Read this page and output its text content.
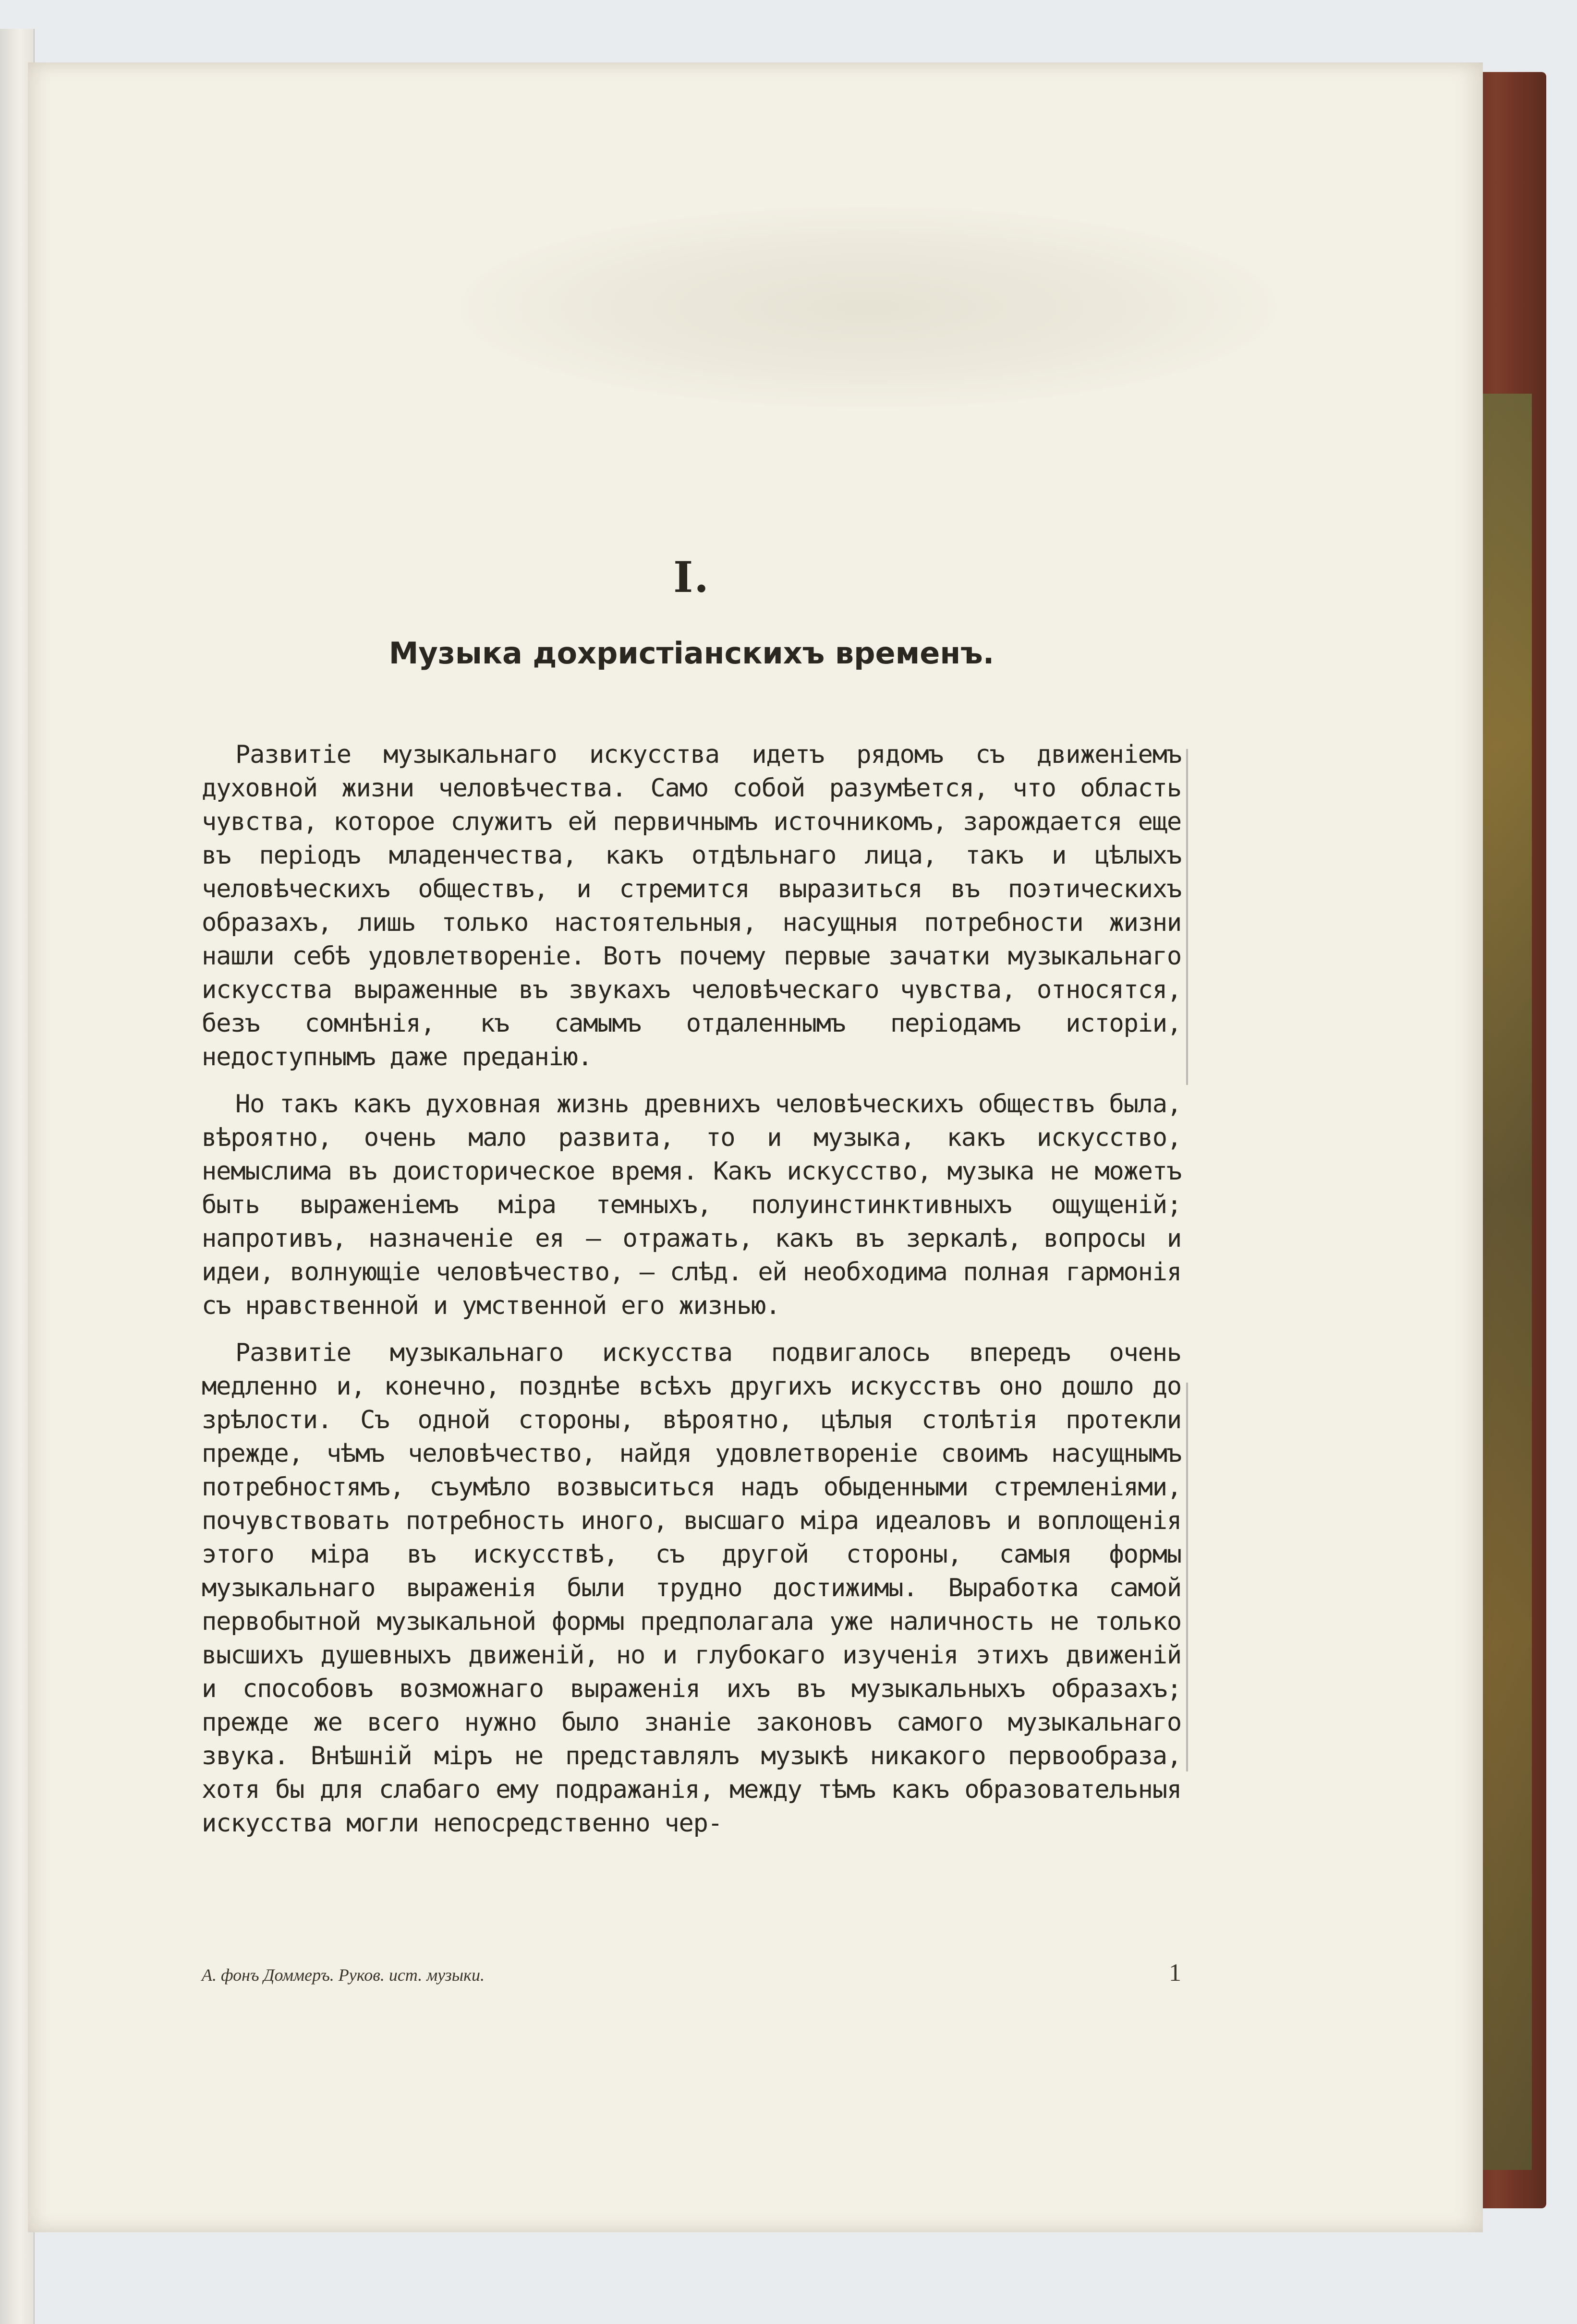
I.
Музыка дохристіанскихъ временъ.

Развитіе музыкальнаго искусства идетъ рядомъ съ движеніемъ духовной жизни человѣчества. Само собой разумѣется, что область чувства, которое служитъ ей первичнымъ источникомъ, зарождается еще въ періодъ младенчества, какъ отдѣльнаго лица, такъ и цѣлыхъ человѣческихъ обществъ, и стремится выразиться въ поэтическихъ образахъ, лишь только настоятельныя, насущныя потребности жизни нашли себѣ удовлетвореніе. Вотъ почему первые зачатки музыкальнаго искусства выраженные въ звукахъ человѣческаго чувства, относятся, безъ сомнѣнія, къ самымъ отдаленнымъ періодамъ исторіи, недоступнымъ даже преданію.

Но такъ какъ духовная жизнь древнихъ человѣческихъ обществъ была, вѣроятно, очень мало развита, то и музыка, какъ искусство, немыслима въ доисторическое время. Какъ искусство, музыка не можетъ быть выраженіемъ міра темныхъ, полуинстинктивныхъ ощущеній; напротивъ, назначеніе ея — отражать, какъ въ зеркалѣ, вопросы и идеи, волнующіе человѣчество, — слѣд. ей необходима полная гармонія съ нравственной и умственной его жизнью.

Развитіе музыкальнаго искусства подвигалось впередъ очень медленно и, конечно, позднѣе всѣхъ другихъ искусствъ оно дошло до зрѣлости. Съ одной стороны, вѣроятно, цѣлыя столѣтія протекли прежде, чѣмъ человѣчество, найдя удовлетвореніе своимъ насущнымъ потребностямъ, съумѣло возвыситься надъ обыденными стремленіями, почувствовать потребность иного, высшаго міра идеаловъ и воплощенія этого міра въ искусствѣ, съ другой стороны, самыя формы музыкальнаго выраженія были трудно достижимы. Выработка самой первобытной музыкальной формы предполагала уже наличность не только высшихъ душевныхъ движеній, но и глубокаго изученія этихъ движеній и способовъ возможнаго выраженія ихъ въ музыкальныхъ образахъ; прежде же всего нужно было знаніе законовъ самого музыкальнаго звука. Внѣшній міръ не представлялъ музыкѣ никакого первообраза, хотя бы для слабаго ему подражанія, между тѣмъ какъ образовательныя искусства могли непосредственно чер-

А. фонъ Доммеръ. Руков. ист. музыки.	1
